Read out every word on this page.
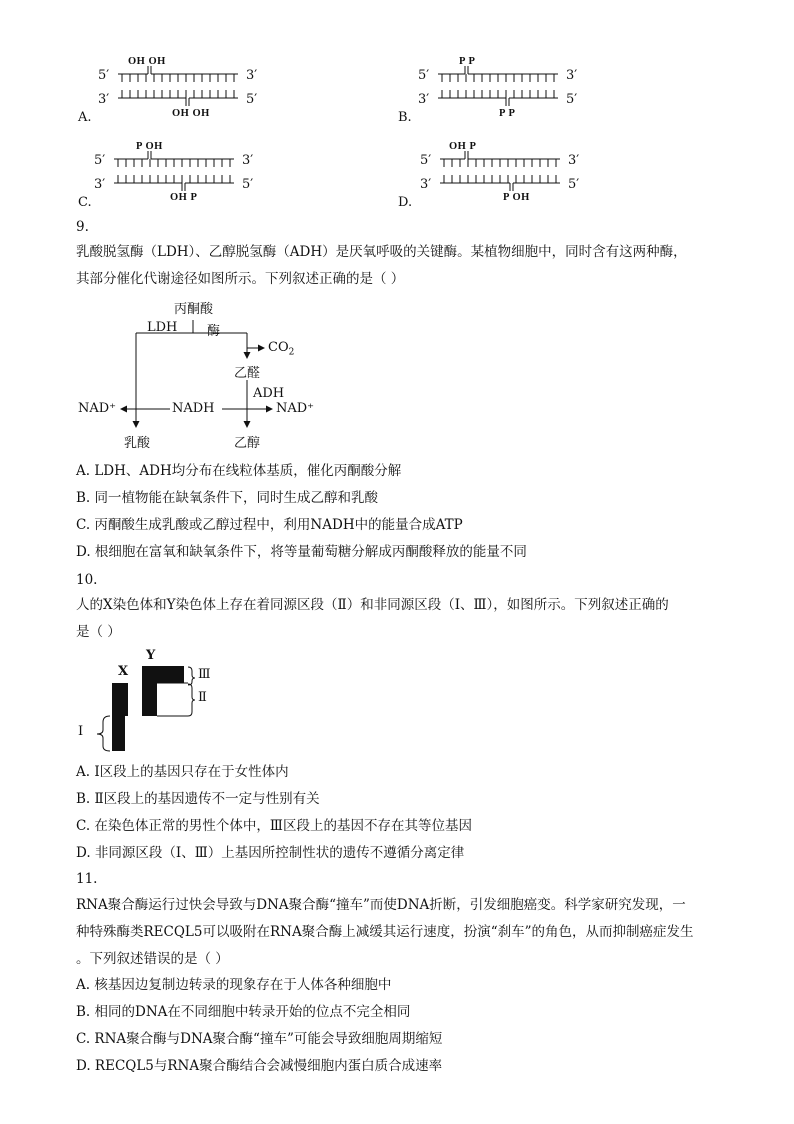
A.
5′
3′
3′
5′
OH OH
OH OH	B.
5′
3′
3′
5′
P P
P P
C.
5′
3′
3′
5′
P OH
OH P	D.
5′
3′
3′
5′
OH P
P OH
9.
乳酸脱氢酶（LDH）、乙醇脱氢酶（ADH）是厌氧呼吸的关键酶。某植物细胞中，同时含有这两种酶，
其部分催化代谢途径如图所示。下列叙述正确的是（ ）
丙酮酸
LDH 酶
$CO_2$
乙醛
ADH
NAD⁺	NADH	NAD⁺
乳酸	乙醇
A. LDH、ADH均分布在线粒体基质，催化丙酮酸分解
B. 同一植物能在缺氧条件下，同时生成乙醇和乳酸
C. 丙酮酸生成乳酸或乙醇过程中，利用NADH中的能量合成ATP
D. 根细胞在富氧和缺氧条件下，将等量葡萄糖分解成丙酮酸释放的能量不同
10.
人的X染色体和Y染色体上存在着同源区段（Ⅱ）和非同源区段（Ⅰ、Ⅲ），如图所示。下列叙述正确的
是（ ）
X
Y
Ⅲ
Ⅱ
Ⅰ
A. Ⅰ区段上的基因只存在于女性体内
B. Ⅱ区段上的基因遗传不一定与性别有关
C. 在染色体正常的男性个体中，Ⅲ区段上的基因不存在其等位基因
D. 非同源区段（Ⅰ、Ⅲ）上基因所控制性状的遗传不遵循分离定律
11.
RNA聚合酶运行过快会导致与DNA聚合酶“撞车”而使DNA折断，引发细胞癌变。科学家研究发现，一
种特殊酶类RECQL5可以吸附在RNA聚合酶上减缓其运行速度，扮演“刹车”的角色，从而抑制癌症发生
。下列叙述错误的是（ ）
A. 核基因边复制边转录的现象存在于人体各种细胞中
B. 相同的DNA在不同细胞中转录开始的位点不完全相同
C. RNA聚合酶与DNA聚合酶“撞车”可能会导致细胞周期缩短
D. RECQL5与RNA聚合酶结合会减慢细胞内蛋白质合成速率
